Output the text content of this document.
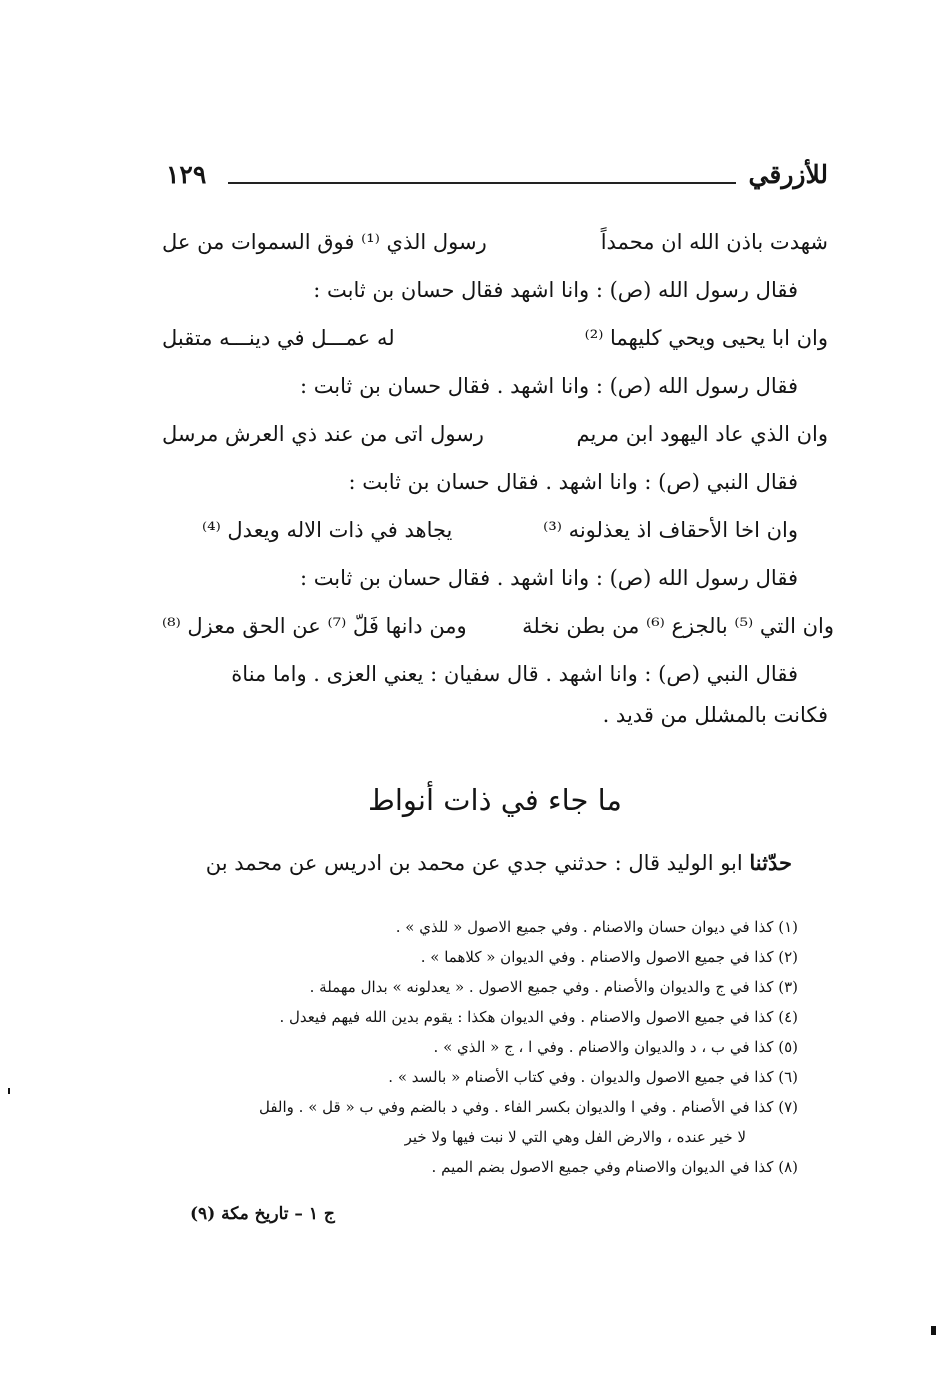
للأزرقي
١٢٩
شهدت باذن الله ان محمداً
رسول الذي ⁽¹⁾ فوق السموات من عل
فقال رسول الله (ص) : وانا اشهد فقال حسان بن ثابت :
وان ابا يحيى ويحي كليهما ⁽²⁾
له عمـــل في دينـــه متقبل
فقال رسول الله (ص) : وانا اشهد . فقال حسان بن ثابت :
وان الذي عاد اليهود ابن مريم
رسول اتى من عند ذي العرش مرسل
فقال النبي (ص) : وانا اشهد . فقال حسان بن ثابت :
وان اخا الأحقاف اذ يعذلونه ⁽³⁾
يجاهد في ذات الاله ويعدل ⁽⁴⁾
فقال رسول الله (ص) : وانا اشهد . فقال حسان بن ثابت :
وان التي ⁽⁵⁾ بالجزع ⁽⁶⁾ من بطن نخلة
ومن دانها فَلّ ⁽⁷⁾ عن الحق معزل ⁽⁸⁾
فقال النبي (ص) : وانا اشهد . قال سفيان : يعني العزى . واما مناة
فكانت بالمشلل من قديد .
ما جاء في ذات أنواط
حدّثنا ابو الوليد قال : حدثني جدي عن محمد بن ادريس عن محمد بن
(١) كذا في ديوان حسان والاصنام . وفي جميع الاصول « للذي » .
(٢) كذا في جميع الاصول والاصنام . وفي الديوان « كلاهما » .
(٣) كذا في ج والديوان والأصنام . وفي جميع الاصول . « يعدلونه » بدال مهملة .
(٤) كذا في جميع الاصول والاصنام . وفي الديوان هكذا : يقوم بدين الله فيهم فيعدل .
(٥) كذا في ب ، د والديوان والاصنام . وفي ا ، ج « الذي » .
(٦) كذا في جميع الاصول والديوان . وفي كتاب الأصنام « بالسد » .
(٧) كذا في الأصنام . وفي ا والديوان بكسر الفاء . وفي د بالضم وفي ب « قل » . والفل
لا خير عنده ، والارض الفل وهي التي لا نبت فيها ولا خير
(٨) كذا في الديوان والاصنام وفي جميع الاصول بضم الميم .
ج ١ – تاريخ مكة (٩)
